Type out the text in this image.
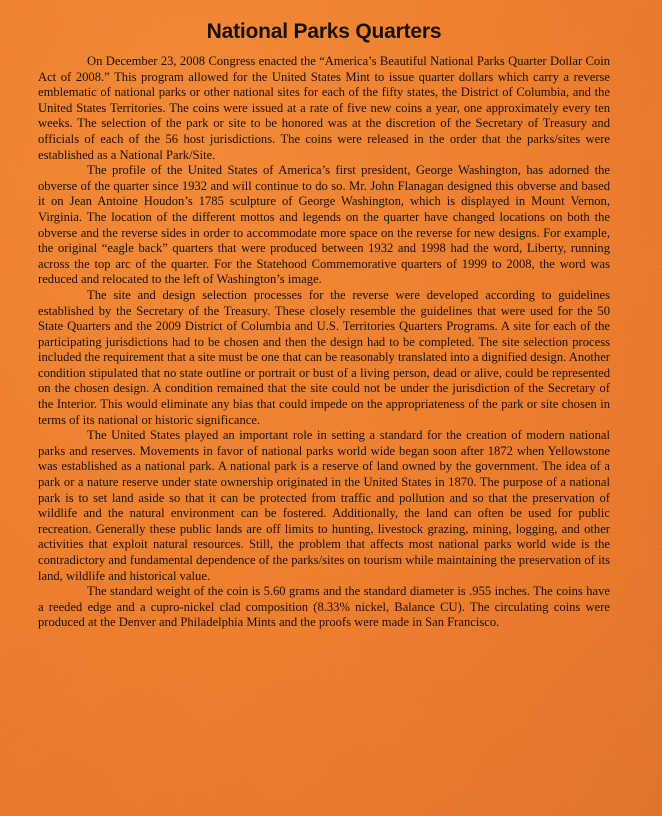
National Parks Quarters

On December 23, 2008 Congress enacted the “America’s Beautiful National Parks Quarter Dollar Coin Act of 2008.” This program allowed for the United States Mint to issue quarter dollars which carry a reverse emblematic of national parks or other national sites for each of the fifty states, the District of Columbia, and the United States Territories. The coins were issued at a rate of five new coins a year, one approximately every ten weeks. The selection of the park or site to be honored was at the discretion of the Secretary of Treasury and officials of each of the 56 host jurisdictions. The coins were released in the order that the parks/sites were established as a National Park/Site.

The profile of the United States of America’s first president, George Washington, has adorned the obverse of the quarter since 1932 and will continue to do so. Mr. John Flanagan designed this obverse and based it on Jean Antoine Houdon’s 1785 sculpture of George Washington, which is displayed in Mount Vernon, Virginia. The location of the different mottos and legends on the quarter have changed locations on both the obverse and the reverse sides in order to accommodate more space on the reverse for new designs. For example, the original “eagle back” quarters that were produced between 1932 and 1998 had the word, Liberty, running across the top arc of the quarter. For the Statehood Commemorative quarters of 1999 to 2008, the word was reduced and relocated to the left of Washington’s image.

The site and design selection processes for the reverse were developed according to guidelines established by the Secretary of the Treasury. These closely resemble the guidelines that were used for the 50 State Quarters and the 2009 District of Columbia and U.S. Territories Quarters Programs. A site for each of the participating jurisdictions had to be chosen and then the design had to be completed. The site selection process included the requirement that a site must be one that can be reasonably translated into a dignified design. Another condition stipulated that no state outline or portrait or bust of a living person, dead or alive, could be represented on the chosen design. A condition remained that the site could not be under the jurisdiction of the Secretary of the Interior. This would eliminate any bias that could impede on the appropriateness of the park or site chosen in terms of its national or historic significance.

The United States played an important role in setting a standard for the creation of modern national parks and reserves. Movements in favor of national parks world wide began soon after 1872 when Yellowstone was established as a national park. A national park is a reserve of land owned by the government. The idea of a park or a nature reserve under state ownership originated in the United States in 1870. The purpose of a national park is to set land aside so that it can be protected from traffic and pollution and so that the preservation of wildlife and the natural environment can be fostered. Additionally, the land can often be used for public recreation. Generally these public lands are off limits to hunting, livestock grazing, mining, logging, and other activities that exploit natural resources. Still, the problem that affects most national parks world wide is the contradictory and fundamental dependence of the parks/sites on tourism while maintaining the preservation of its land, wildlife and historical value.

The standard weight of the coin is 5.60 grams and the standard diameter is .955 inches. The coins have a reeded edge and a cupro-nickel clad composition (8.33% nickel, Balance CU). The circulating coins were produced at the Denver and Philadelphia Mints and the proofs were made in San Francisco.
